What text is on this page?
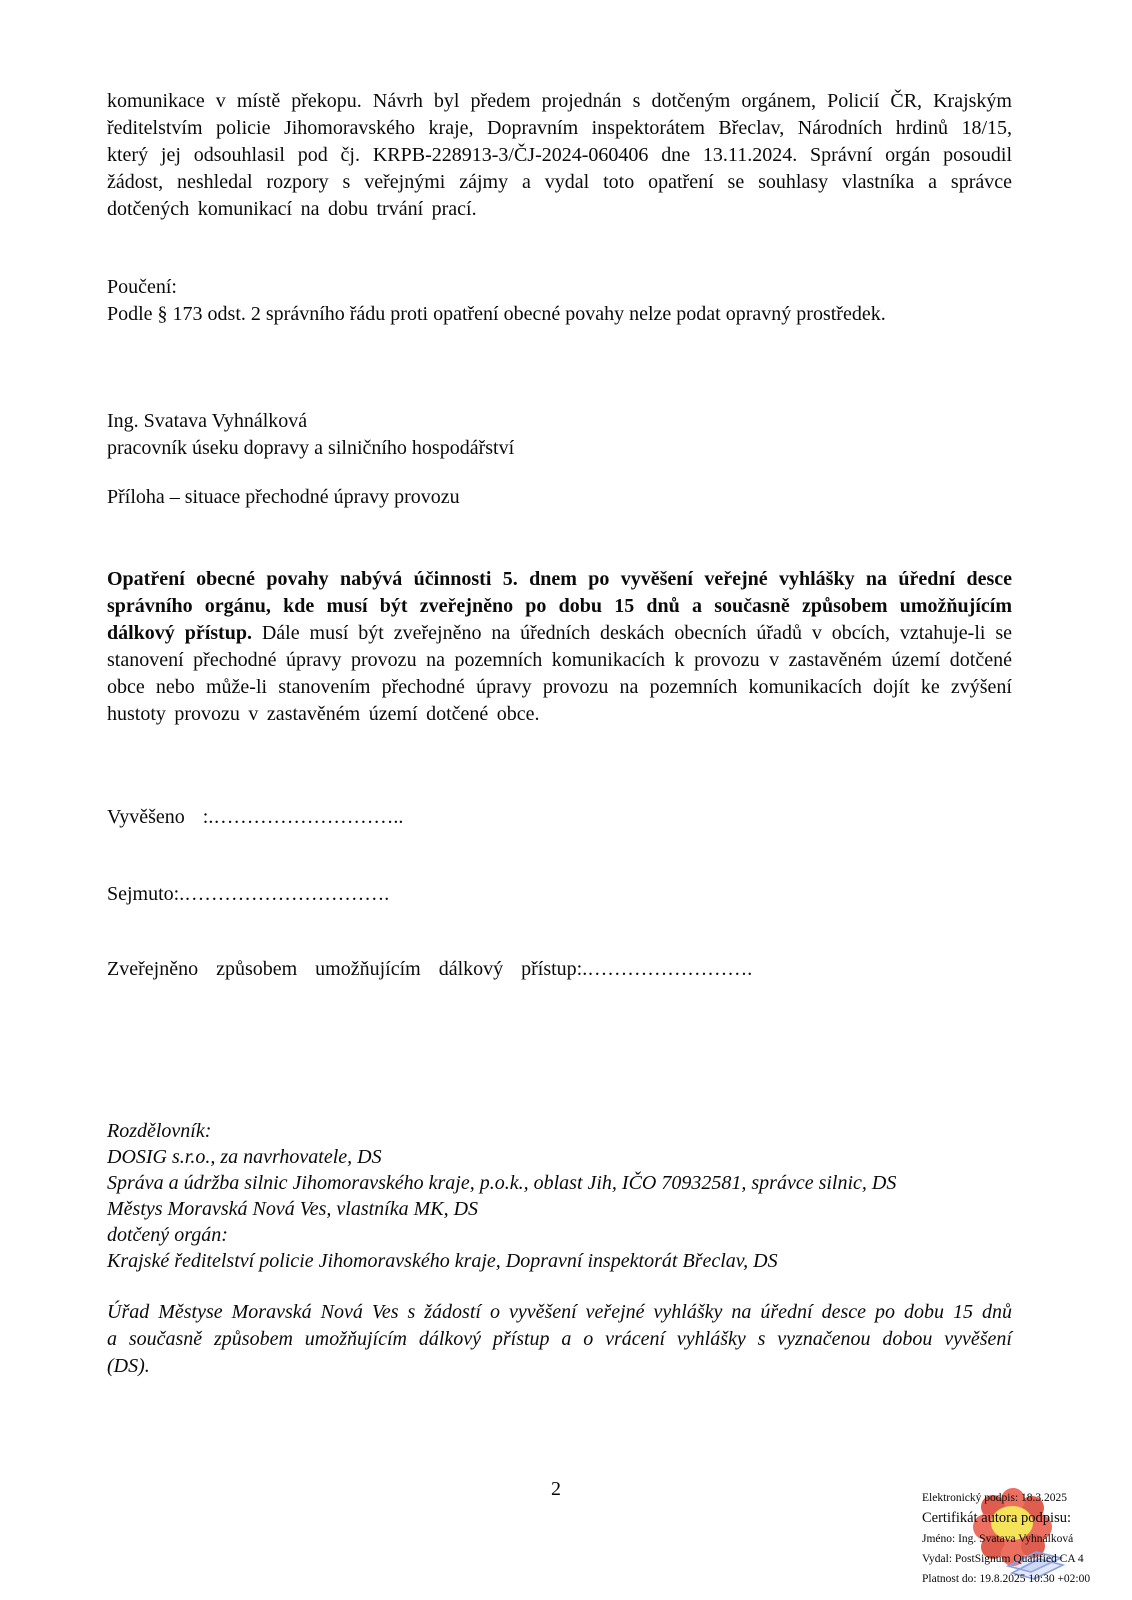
komunikace v místě překopu. Návrh byl předem projednán s dotčeným orgánem, Policií ČR, Krajským ředitelstvím policie Jihomoravského kraje, Dopravním inspektorátem Břeclav, Národních hrdinů 18/15, který jej odsouhlasil pod čj. KRPB-228913-3/ČJ-2024-060406 dne 13.11.2024. Správní orgán posoudil žádost, neshledal rozpory s veřejnými zájmy a vydal toto opatření se souhlasy vlastníka a správce dotčených komunikací na dobu trvání prací.

Poučení:

Podle § 173 odst. 2 správního řádu proti opatření obecné povahy nelze podat opravný prostředek.

Ing. Svatava Vyhnálková

pracovník úseku dopravy a silničního hospodářství

Příloha – situace přechodné úpravy provozu

Opatření obecné povahy nabývá účinnosti 5. dnem po vyvěšení veřejné vyhlášky na úřední desce správního orgánu, kde musí být zveřejněno po dobu 15 dnů a současně způsobem umožňujícím dálkový přístup. Dále musí být zveřejněno na úředních deskách obecních úřadů v obcích, vztahuje-li se stanovení přechodné úpravy provozu na pozemních komunikacích k provozu v zastavěném území dotčené obce nebo může-li stanovením přechodné úpravy provozu na pozemních komunikacích dojít ke zvýšení hustoty provozu v zastavěném území dotčené obce.

Vyvěšeno  :.………………………..

Sejmuto:.………………………….

Zveřejněno  způsobem  umožňujícím  dálkový  přístup:.…………………….

Rozdělovník:

DOSIG s.r.o., za navrhovatele, DS

Správa a údržba silnic Jihomoravského kraje, p.o.k., oblast Jih, IČO 70932581, správce silnic, DS

Městys Moravská Nová Ves, vlastníka MK, DS

dotčený orgán:

Krajské ředitelství policie Jihomoravského kraje, Dopravní inspektorát Břeclav, DS

Úřad Městyse Moravská Nová Ves s žádostí o vyvěšení veřejné vyhlášky na úřední desce po dobu 15 dnů a současně způsobem umožňujícím dálkový přístup a o vrácení vyhlášky s vyznačenou dobou vyvěšení (DS).

2	Elektronický podpis: 18.3.2025

Certifikát autora podpisu:

Jméno: Ing. Svatava Vyhnálková

Vydal: PostSignum Qualified CA 4

Platnost do: 19.8.2025 10:30 +02:00
